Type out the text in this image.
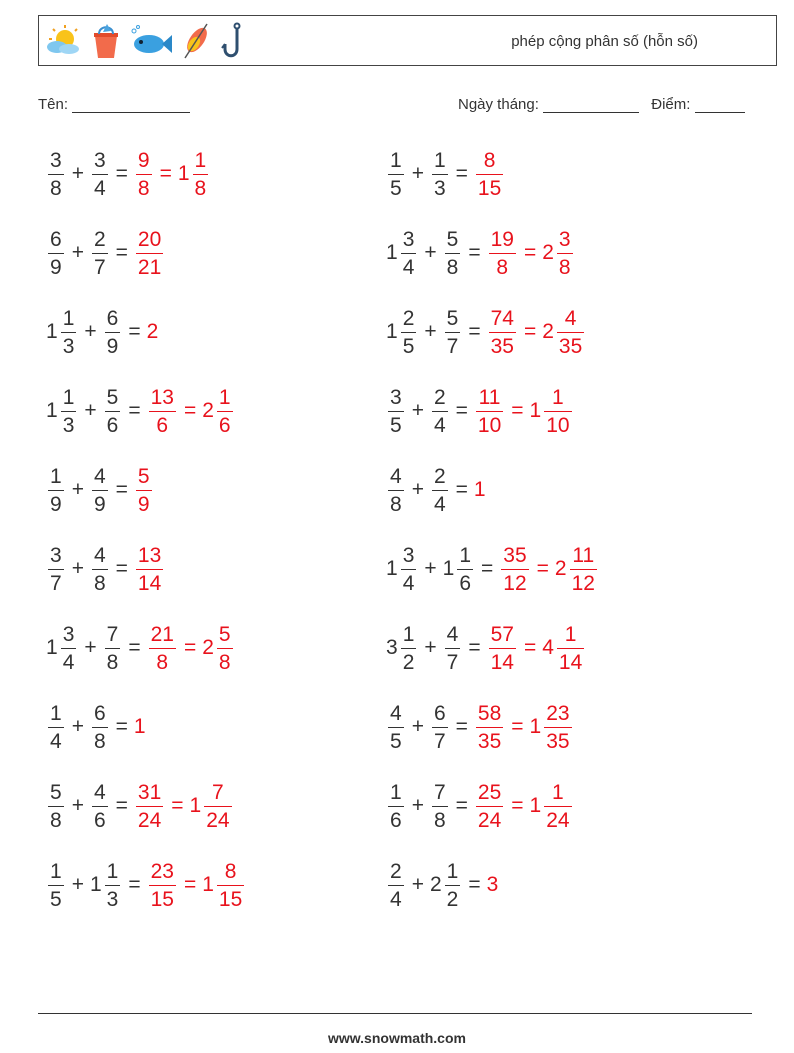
phép cộng phân số (hỗn số)
Tên:	Ngày tháng:	Điểm:
$\frac{3}{8} + \frac{3}{4} = \frac{9}{8} = 1 \frac{1}{8}$
$\frac{6}{9} + \frac{2}{7} = \frac{20}{21}$
$1 \frac{1}{3} + \frac{6}{9} = 2$
$1 \frac{1}{3} + \frac{5}{6} = \frac{13}{6} = 2 \frac{1}{6}$
$\frac{1}{9} + \frac{4}{9} = \frac{5}{9}$
$\frac{3}{7} + \frac{4}{8} = \frac{13}{14}$
$1 \frac{3}{4} + \frac{7}{8} = \frac{21}{8} = 2 \frac{5}{8}$
$\frac{1}{4} + \frac{6}{8} = 1$
$\frac{5}{8} + \frac{4}{6} = \frac{31}{24} = 1 \frac{7}{24}$
$\frac{1}{5} + 1 \frac{1}{3} = \frac{23}{15} = 1 \frac{8}{15}$
$\frac{1}{5} + \frac{1}{3} = \frac{8}{15}$
$1 \frac{3}{4} + \frac{5}{8} = \frac{19}{8} = 2 \frac{3}{8}$
$1 \frac{2}{5} + \frac{5}{7} = \frac{74}{35} = 2 \frac{4}{35}$
$\frac{3}{5} + \frac{2}{4} = \frac{11}{10} = 1 \frac{1}{10}$
$\frac{4}{8} + \frac{2}{4} = 1$
$1 \frac{3}{4} + 1 \frac{1}{6} = \frac{35}{12} = 2 \frac{11}{12}$
$3 \frac{1}{2} + \frac{4}{7} = \frac{57}{14} = 4 \frac{1}{14}$
$\frac{4}{5} + \frac{6}{7} = \frac{58}{35} = 1 \frac{23}{35}$
$\frac{1}{6} + \frac{7}{8} = \frac{25}{24} = 1 \frac{1}{24}$
$\frac{2}{4} + 2 \frac{1}{2} = 3$
www.snowmath.com
